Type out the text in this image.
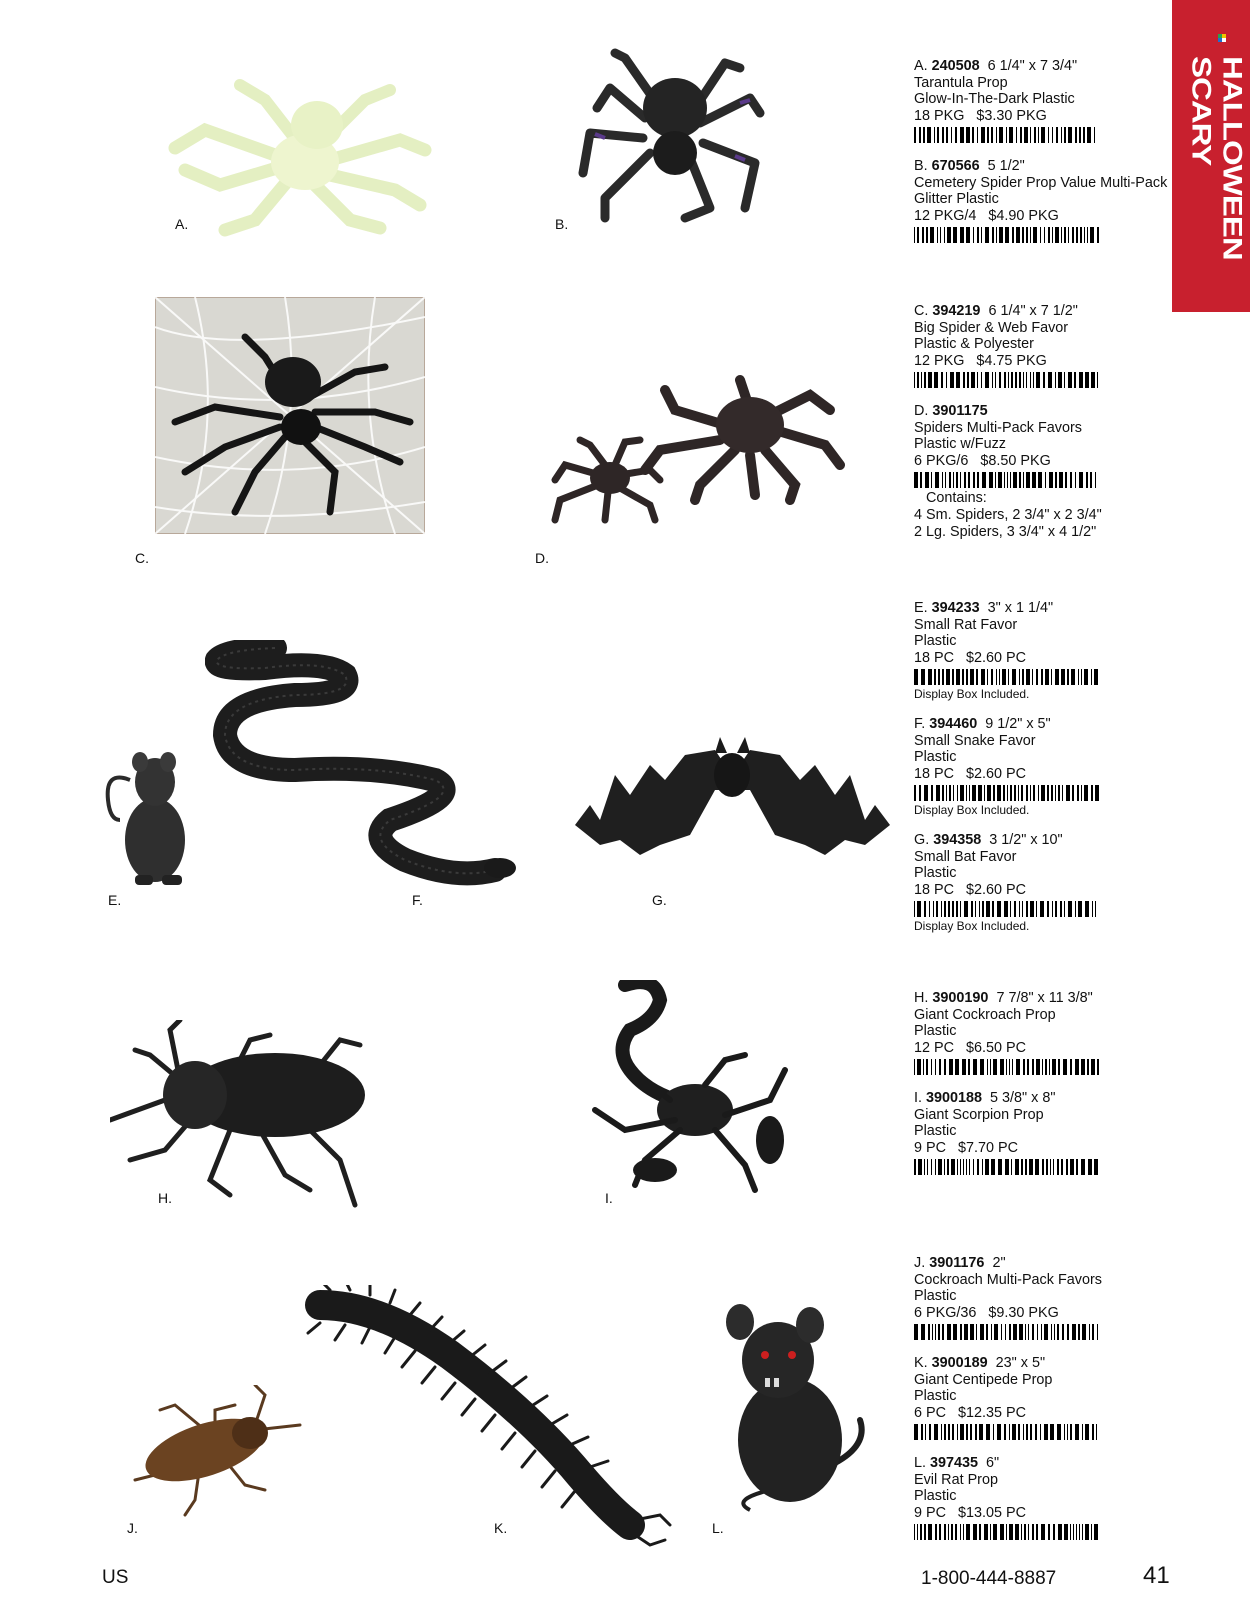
HALLOWEEN SCARY
A.	B.
C.	D.
E.	F.	G.
H.	I.
J.	K.	L.
A. 240508 6 1/4" x 7 3/4"
Tarantula Prop
Glow-In-The-Dark Plastic
18 PKG   $3.30 PKG
B. 670566 5 1/2"
Cemetery Spider Prop Value Multi-Pack
Glitter Plastic
12 PKG/4   $4.90 PKG
C. 394219 6 1/4" x 7 1/2"
Big Spider & Web Favor
Plastic & Polyester
12 PKG   $4.75 PKG
D. 3901175
Spiders Multi-Pack Favors
Plastic w/Fuzz
6 PKG/6   $8.50 PKG
Contains:
4 Sm. Spiders, 2 3/4" x 2 3/4"
2 Lg. Spiders, 3 3/4" x 4 1/2"
E. 394233 3" x 1 1/4"
Small Rat Favor
Plastic
18 PC   $2.60 PC
Display Box Included.
F. 394460 9 1/2" x 5"
Small Snake Favor
Plastic
18 PC   $2.60 PC
Display Box Included.
G. 394358 3 1/2" x 10"
Small Bat Favor
Plastic
18 PC   $2.60 PC
Display Box Included.
H. 3900190 7 7/8" x 11 3/8"
Giant Cockroach Prop
Plastic
12 PC   $6.50 PC
I. 3900188 5 3/8" x 8"
Giant Scorpion Prop
Plastic
9 PC   $7.70 PC
J. 3901176 2"
Cockroach Multi-Pack Favors
Plastic
6 PKG/36   $9.30 PKG
K. 3900189 23" x 5"
Giant Centipede Prop
Plastic
6 PC   $12.35 PC
L. 397435 6"
Evil Rat Prop
Plastic
9 PC   $13.05 PC
US	1-800-444-8887	41
